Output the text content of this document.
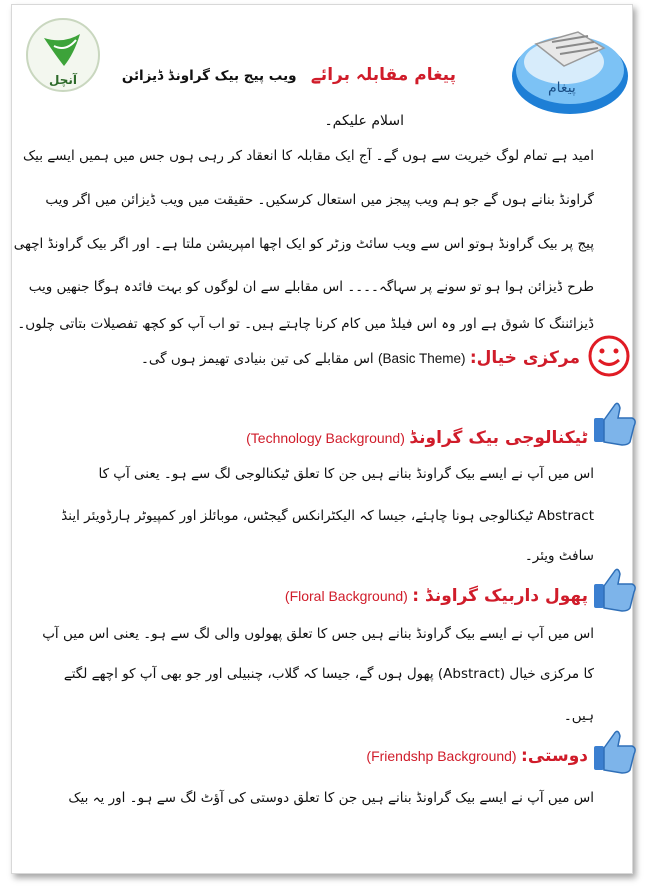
آنچل	پیغام
پیغام مقابلہ برائے ویب پیج بیک گراونڈ ڈیزائن
اسلام علیکم۔
امید ہے تمام لوگ خیریت سے ہوں گے۔ آج ایک مقابلہ کا انعقاد کر رہی ہوں جس میں ہمیں ایسے بیک
گراونڈ بنانے ہوں گے جو ہم ویب پیجز میں استعال کرسکیں۔ حقیقت میں ویب ڈیزائن میں اگر ویب
پیج پر بیک گراونڈ ہوتو اس سے ویب سائٹ وزٹر کو ایک اچھا امپریشن ملتا ہے۔ اور اگر بیک گراونڈ اچھی
طرح ڈیزائن ہوا ہو تو سونے پر سہاگہ۔۔۔۔ اس مقابلے سے ان لوگوں کو بہت فائدہ ہوگا جنھیں ویب
ڈیزائننگ کا شوق ہے اور وہ اس فیلڈ میں کام کرنا چاہتے ہیں۔ تو اب آپ کو کچھ تفصیلات بتاتی چلوں۔
مرکزی خیال: (Basic Theme) اس مقابلے کی تین بنیادی تھیمز ہوں گی۔
ٹیکنالوجی بیک گراونڈ (Technology Background)
اس میں آپ نے ایسے بیک گراونڈ بنانے ہیں جن کا تعلق ٹیکنالوجی لگ سے ہو۔ یعنی آپ کا
Abstract ٹیکنالوجی ہونا چاہئے، جیسا کہ الیکٹرانکس گیجٹس، موبائلز اور کمپیوٹر ہارڈویئر اینڈ
سافٹ ویئر۔
پھول داربیک گراونڈ : (Floral Background)
اس میں آپ نے ایسے بیک گراونڈ بنانے ہیں جس کا تعلق پھولوں والی لگ سے ہو۔ یعنی اس میں آپ
کا مرکزی خیال (Abstract) پھول ہوں گے، جیسا کہ گلاب، چنبیلی اور جو بھی آپ کو اچھے لگتے
ہیں۔
دوستی: (Friendshp Background)
اس میں آپ نے ایسے بیک گراونڈ بنانے ہیں جن کا تعلق دوستی کی آؤٹ لگ سے ہو۔ اور یہ بیک
